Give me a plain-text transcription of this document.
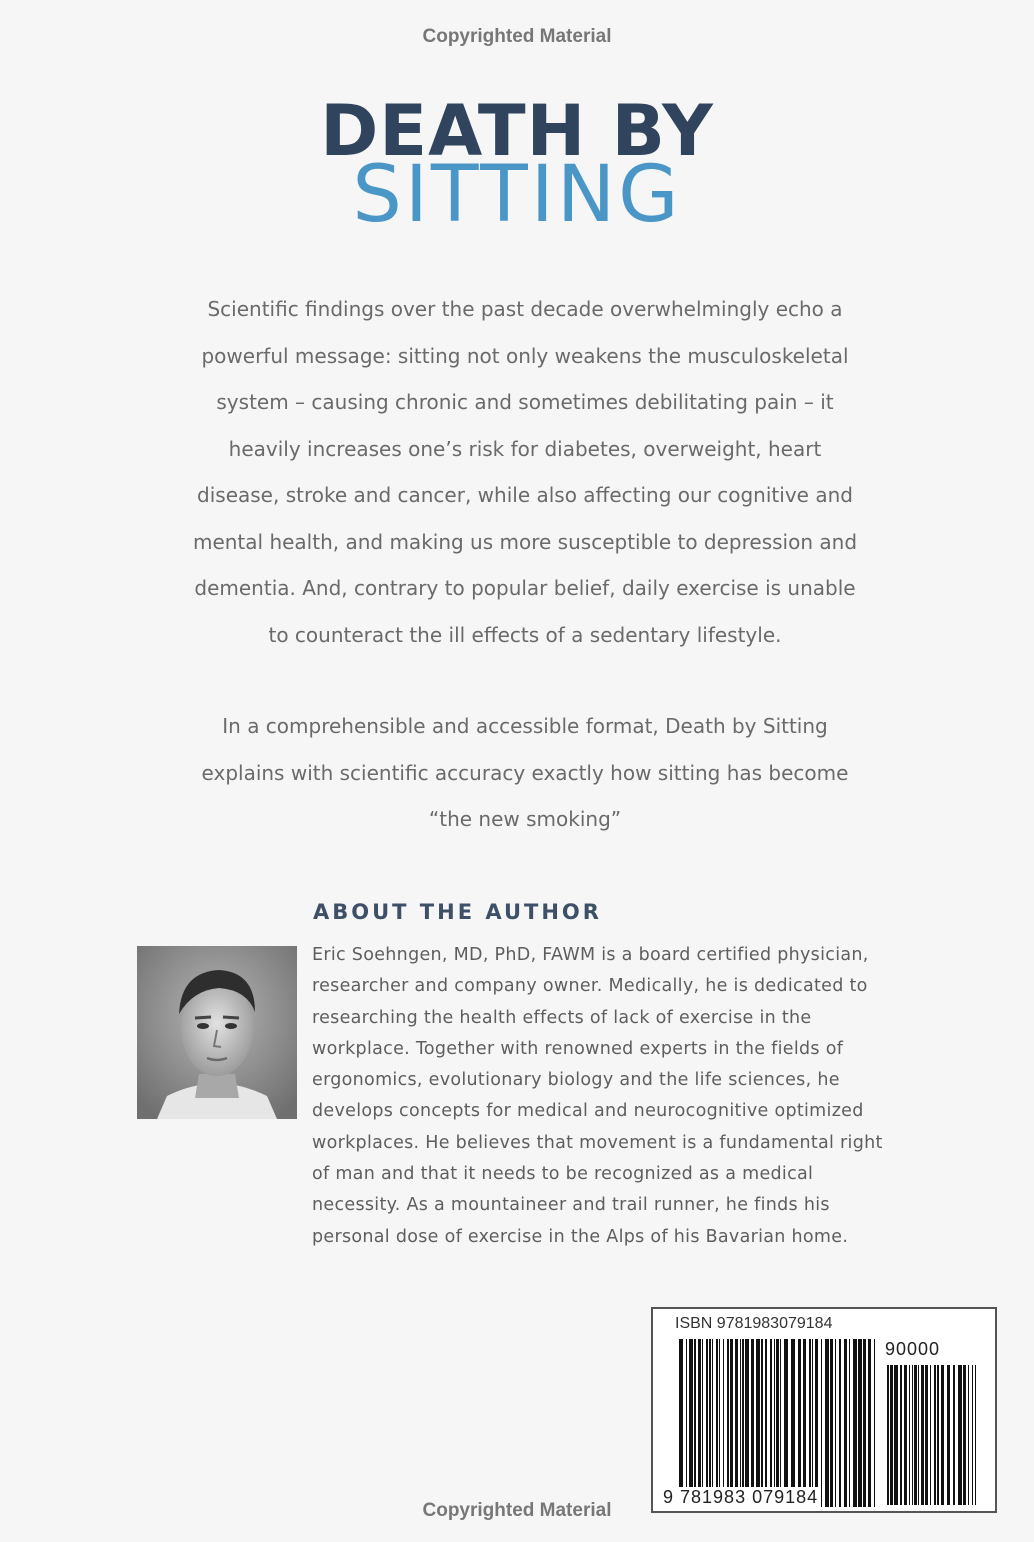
Copyrighted Material
DEATH BY
SITTING

Scientific findings over the past decade overwhelmingly echo a
powerful message: sitting not only weakens the musculoskeletal
system – causing chronic and sometimes debilitating pain – it
heavily increases one’s risk for diabetes, overweight, heart
disease, stroke and cancer, while also affecting our cognitive and
mental health, and making us more susceptible to depression and
dementia. And, contrary to popular belief, daily exercise is unable
to counteract the ill effects of a sedentary lifestyle.

In a comprehensible and accessible format, Death by Sitting
explains with scientific accuracy exactly how sitting has become
“the new smoking”

ABOUT THE AUTHOR

Eric Soehngen, MD, PhD, FAWM is a board certified physician,
researcher and company owner. Medically, he is dedicated to
researching the health effects of lack of exercise in the
workplace. Together with renowned experts in the fields of
ergonomics, evolutionary biology and the life sciences, he
develops concepts for medical and neurocognitive optimized
workplaces. He believes that movement is a fundamental right
of man and that it needs to be recognized as a medical
necessity. As a mountaineer and trail runner, he finds his
personal dose of exercise in the Alps of his Bavarian home.

ISBN 9781983079184
90000
9 781983 079184
Copyrighted Material
